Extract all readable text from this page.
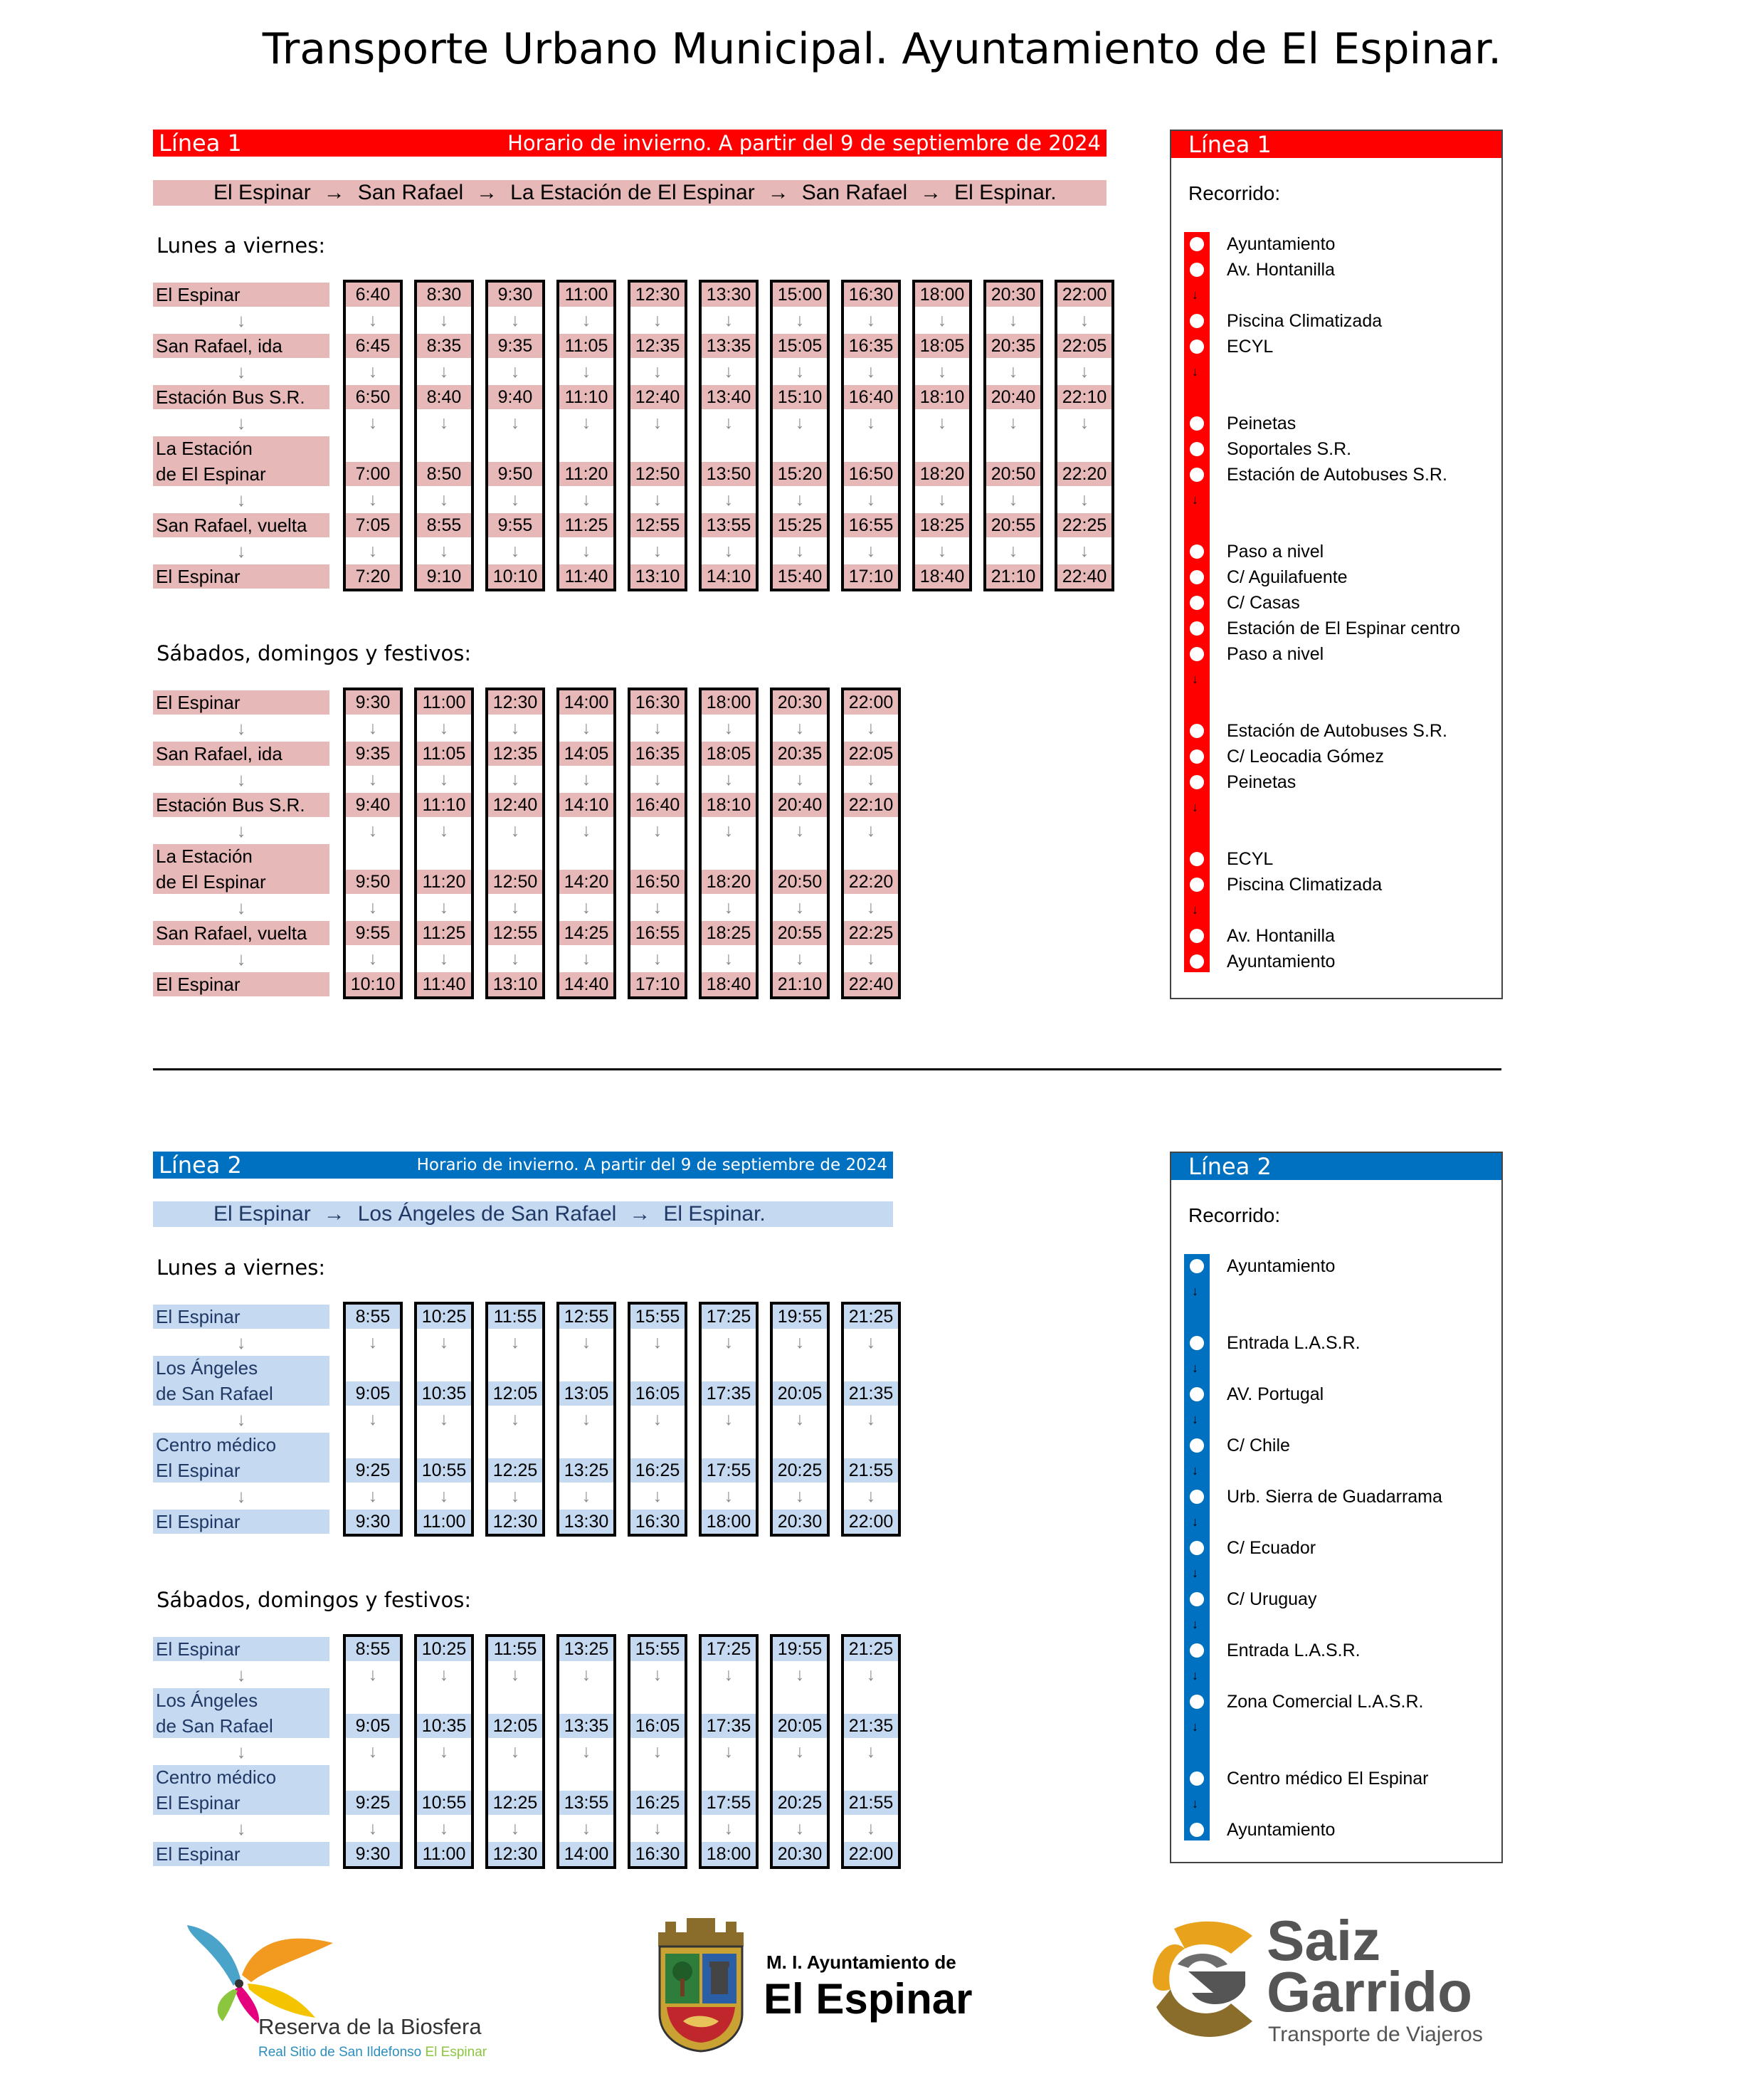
Transporte Urbano Municipal. Ayuntamiento de El Espinar.
Línea 1	Horario de invierno. A partir del 9 de septiembre de 2024
El Espinar → San Rafael → La Estación de El Espinar → San Rafael → El Espinar.
Lunes a viernes:
6:40
↓
6:45
↓
6:50
↓
7:00
↓
7:05
↓
7:20
8:30
↓
8:35
↓
8:40
↓
8:50
↓
8:55
↓
9:10
9:30
↓
9:35
↓
9:40
↓
9:50
↓
9:55
↓
10:10
11:00
↓
11:05
↓
11:10
↓
11:20
↓
11:25
↓
11:40
12:30
↓
12:35
↓
12:40
↓
12:50
↓
12:55
↓
13:10
13:30
↓
13:35
↓
13:40
↓
13:50
↓
13:55
↓
14:10
15:00
↓
15:05
↓
15:10
↓
15:20
↓
15:25
↓
15:40
16:30
↓
16:35
↓
16:40
↓
16:50
↓
16:55
↓
17:10
18:00
↓
18:05
↓
18:10
↓
18:20
↓
18:25
↓
18:40
20:30
↓
20:35
↓
20:40
↓
20:50
↓
20:55
↓
21:10
22:00
↓
22:05
↓
22:10
↓
22:20
↓
22:25
↓
22:40
El Espinar
↓
San Rafael, ida
↓
Estación Bus S.R.
↓
La Estación
de El Espinar
↓
San Rafael, vuelta
↓
El Espinar
Sábados, domingos y festivos:
9:30
↓
9:35
↓
9:40
↓
9:50
↓
9:55
↓
10:10
11:00
↓
11:05
↓
11:10
↓
11:20
↓
11:25
↓
11:40
12:30
↓
12:35
↓
12:40
↓
12:50
↓
12:55
↓
13:10
14:00
↓
14:05
↓
14:10
↓
14:20
↓
14:25
↓
14:40
16:30
↓
16:35
↓
16:40
↓
16:50
↓
16:55
↓
17:10
18:00
↓
18:05
↓
18:10
↓
18:20
↓
18:25
↓
18:40
20:30
↓
20:35
↓
20:40
↓
20:50
↓
20:55
↓
21:10
22:00
↓
22:05
↓
22:10
↓
22:20
↓
22:25
↓
22:40
El Espinar
↓
San Rafael, ida
↓
Estación Bus S.R.
↓
La Estación
de El Espinar
↓
San Rafael, vuelta
↓
El Espinar
Línea 2	Horario de invierno. A partir del 9 de septiembre de 2024
El Espinar → Los Ángeles de San Rafael → El Espinar.
Lunes a viernes:
8:55
↓
9:05
↓
9:25
↓
9:30
10:25
↓
10:35
↓
10:55
↓
11:00
11:55
↓
12:05
↓
12:25
↓
12:30
12:55
↓
13:05
↓
13:25
↓
13:30
15:55
↓
16:05
↓
16:25
↓
16:30
17:25
↓
17:35
↓
17:55
↓
18:00
19:55
↓
20:05
↓
20:25
↓
20:30
21:25
↓
21:35
↓
21:55
↓
22:00
El Espinar
↓
Los Ángeles
de San Rafael
↓
Centro médico
El Espinar
↓
El Espinar
Sábados, domingos y festivos:
8:55
↓
9:05
↓
9:25
↓
9:30
10:25
↓
10:35
↓
10:55
↓
11:00
11:55
↓
12:05
↓
12:25
↓
12:30
13:25
↓
13:35
↓
13:55
↓
14:00
15:55
↓
16:05
↓
16:25
↓
16:30
17:25
↓
17:35
↓
17:55
↓
18:00
19:55
↓
20:05
↓
20:25
↓
20:30
21:25
↓
21:35
↓
21:55
↓
22:00
El Espinar
↓
Los Ángeles
de San Rafael
↓
Centro médico
El Espinar
↓
El Espinar
Línea 1
Recorrido:
Ayuntamiento
Av. Hontanilla
↓
Piscina Climatizada
ECYL
↓
Peinetas
Soportales S.R.
Estación de Autobuses S.R.
↓
Paso a nivel
C/ Aguilafuente
C/ Casas
Estación de El Espinar centro
Paso a nivel
↓
Estación de Autobuses S.R.
C/ Leocadia Gómez
Peinetas
↓
ECYL
Piscina Climatizada
↓
Av. Hontanilla
Ayuntamiento
Línea 2
Recorrido:
Ayuntamiento
↓
Entrada L.A.S.R.
↓
AV. Portugal
↓
C/ Chile
↓
Urb. Sierra de Guadarrama
↓
C/ Ecuador
↓
C/ Uruguay
↓
Entrada L.A.S.R.
↓
Zona Comercial L.A.S.R.
↓
Centro médico El Espinar
↓
Ayuntamiento
Reserva de la Biosfera
Real Sitio de San Ildefonso El Espinar
M. I. Ayuntamiento de
El Espinar
Saiz
Garrido
Transporte de Viajeros
